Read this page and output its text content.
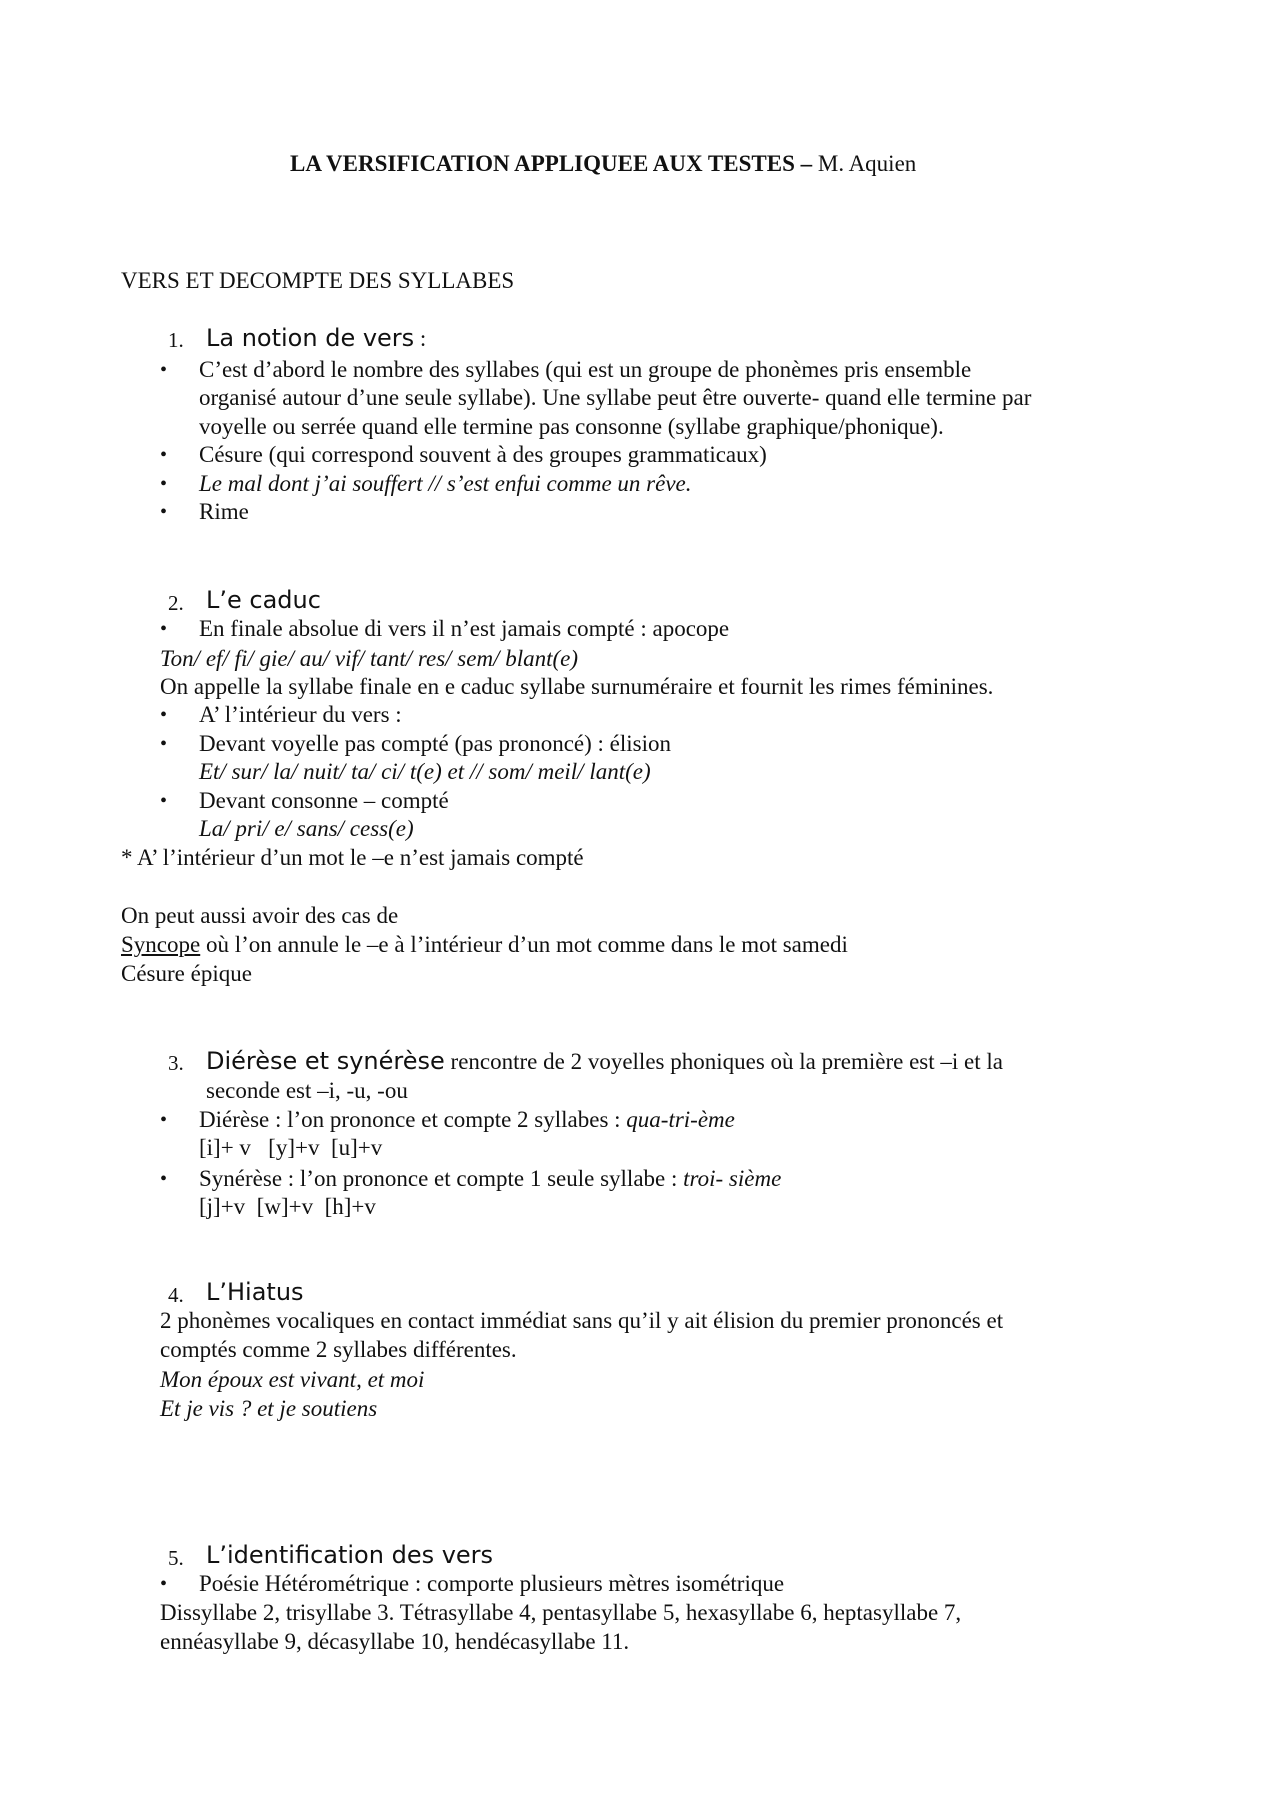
LA VERSIFICATION APPLIQUEE AUX TESTES – M. Aquien
VERS ET DECOMPTE DES SYLLABES
1. La notion de vers :
• C’est d’abord le nombre des syllabes (qui est un groupe de phonèmes pris ensemble
organisé autour d’une seule syllabe). Une syllabe peut être ouverte- quand elle termine par
voyelle ou serrée quand elle termine pas consonne (syllabe graphique/phonique).
• Césure (qui correspond souvent à des groupes grammaticaux)
• Le mal dont j’ai souffert // s’est enfui comme un rêve.
• Rime
2. L’e caduc
• En finale absolue di vers il n’est jamais compté : apocope
Ton/ ef/ fi/ gie/ au/ vif/ tant/ res/ sem/ blant(e)
On appelle la syllabe finale en e caduc syllabe surnuméraire et fournit les rimes féminines.
• A’ l’intérieur du vers :
• Devant voyelle pas compté (pas prononcé) : élision
Et/ sur/ la/ nuit/ ta/ ci/ t(e) et // som/ meil/ lant(e)
• Devant consonne – compté
La/ pri/ e/ sans/ cess(e)
* A’ l’intérieur d’un mot le –e n’est jamais compté
On peut aussi avoir des cas de
Syncope où l’on annule le –e à l’intérieur d’un mot comme dans le mot samedi
Césure épique
3. Diérèse et synérèse rencontre de 2 voyelles phoniques où la première est –i et la
seconde est –i, -u, -ou
• Diérèse : l’on prononce et compte 2 syllabes : qua-tri-ème
[i]+ v   [y]+v  [u]+v
• Synérèse : l’on prononce et compte 1 seule syllabe : troi- sième
[j]+v  [w]+v  [h]+v
4. L’Hiatus
2 phonèmes vocaliques en contact immédiat sans qu’il y ait élision du premier prononcés et
comptés comme 2 syllabes différentes.
Mon époux est vivant, et moi
Et je vis ? et je soutiens
5. L’identification des vers
• Poésie Hétérométrique : comporte plusieurs mètres isométrique
Dissyllabe 2, trisyllabe 3. Tétrasyllabe 4, pentasyllabe 5, hexasyllabe 6, heptasyllabe 7,
ennéasyllabe 9, décasyllabe 10, hendécasyllabe 11.
